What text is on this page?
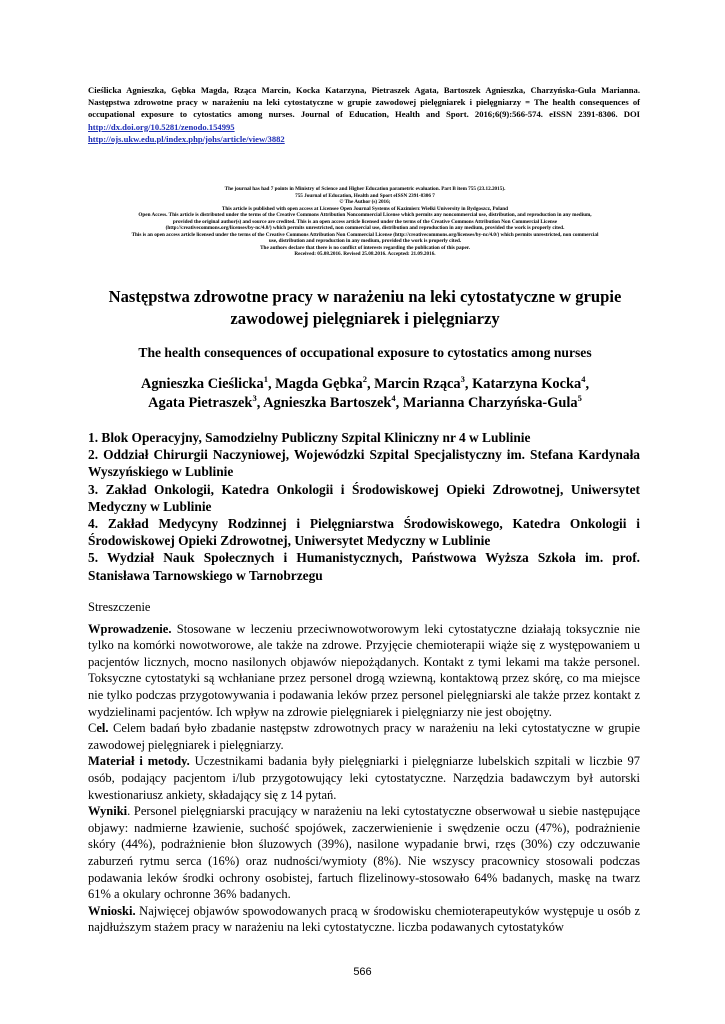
Cieślicka Agnieszka, Gębka Magda, Rząca Marcin, Kocka Katarzyna, Pietraszek Agata, Bartoszek Agnieszka, Charzyńska-Gula Marianna. Następstwa zdrowotne pracy w narażeniu na leki cytostatyczne w grupie zawodowej pielęgniarek i pielęgniarzy = The health consequences of occupational exposure to cytostatics among nurses. Journal of Education, Health and Sport. 2016;6(9):566-574. eISSN 2391-8306. DOI http://dx.doi.org/10.5281/zenodo.154995
http://ojs.ukw.edu.pl/index.php/johs/article/view/3882
The journal has had 7 points in Ministry of Science and Higher Education parametric evaluation. Part B item 755 (23.12.2015).
755 Journal of Education, Health and Sport eISSN 2391-8306 7
© The Author (s) 2016;
This article is published with open access at Licensee Open Journal Systems of Kazimierz Wielki University in Bydgoszcz, Poland
Open Access. This article is distributed under the terms of the Creative Commons Attribution Noncommercial License which permits any noncommercial use, distribution, and reproduction in any medium,
provided the original author(s) and source are credited. This is an open access article licensed under the terms of the Creative Commons Attribution Non Commercial License
(http://creativecommons.org/licenses/by-nc/4.0/) which permits unrestricted, non commercial use, distribution and reproduction in any medium, provided the work is properly cited.
This is an open access article licensed under the terms of the Creative Commons Attribution Non Commercial License (http://creativecommons.org/licenses/by-nc/4.0/) which permits unrestricted, non commercial
use, distribution and reproduction in any medium, provided the work is properly cited.
The authors declare that there is no conflict of interests regarding the publication of this paper.
Received: 05.08.2016. Revised 25.08.2016. Accepted: 21.09.2016.
Następstwa zdrowotne pracy w narażeniu na leki cytostatyczne w grupie zawodowej pielęgniarek i pielęgniarzy
The health consequences of occupational exposure to cytostatics among nurses
Agnieszka Cieślicka$^1$, Magda Gębka$^2$, Marcin Rząca$^3$, Katarzyna Kocka$^4$,
Agata Pietraszek$^3$, Agnieszka Bartoszek$^4$, Marianna Charzyńska-Gula$^5$
1. Blok Operacyjny, Samodzielny Publiczny Szpital Kliniczny nr 4 w Lublinie
2. Oddział Chirurgii Naczyniowej, Wojewódzki Szpital Specjalistyczny im. Stefana Kardynała Wyszyńskiego w Lublinie
3. Zakład Onkologii, Katedra Onkologii i Środowiskowej Opieki Zdrowotnej, Uniwersytet Medyczny w Lublinie
4. Zakład Medycyny Rodzinnej i Pielęgniarstwa Środowiskowego, Katedra Onkologii i Środowiskowej Opieki Zdrowotnej, Uniwersytet Medyczny w Lublinie
5. Wydział Nauk Społecznych i Humanistycznych, Państwowa Wyższa Szkoła im. prof. Stanisława Tarnowskiego w Tarnobrzegu
Streszczenie

Wprowadzenie. Stosowane w leczeniu przeciwnowotworowym leki cytostatyczne działają toksycznie nie tylko na komórki nowotworowe, ale także na zdrowe. Przyjęcie chemioterapii wiąże się z występowaniem u pacjentów licznych, mocno nasilonych objawów niepożądanych. Kontakt z tymi lekami ma także personel. Toksyczne cytostatyki są wchłaniane przez personel drogą wziewną, kontaktową przez skórę, co ma miejsce nie tylko podczas przygotowywania i podawania leków przez personel pielęgniarski ale także przez kontakt z wydzielinami pacjentów. Ich wpływ na zdrowie pielęgniarek i pielęgniarzy nie jest obojętny.

Cel. Celem badań było zbadanie następstw zdrowotnych pracy w narażeniu na leki cytostatyczne w grupie zawodowej pielęgniarek i pielęgniarzy.

Materiał i metody. Uczestnikami badania były pielęgniarki i pielęgniarze lubelskich szpitali w liczbie 97 osób, podający pacjentom i/lub przygotowujący leki cytostatyczne. Narzędzia badawczym był autorski kwestionariusz ankiety, składający się z 14 pytań.

Wyniki. Personel pielęgniarski pracujący w narażeniu na leki cytostatyczne obserwował u siebie następujące objawy: nadmierne łzawienie, suchość spojówek, zaczerwienienie i swędzenie oczu (47%), podrażnienie skóry (44%), podrażnienie błon śluzowych (39%), nasilone wypadanie brwi, rzęs (30%) czy odczuwanie zaburzeń rytmu serca (16%) oraz nudności/wymioty (8%). Nie wszyscy pracownicy stosowali podczas podawania leków środki ochrony osobistej, fartuch flizelinowy-stosowało 64% badanych, maskę na twarz 61% a okulary ochronne 36% badanych.

Wnioski. Najwięcej objawów spowodowanych pracą w środowisku chemioterapeutyków występuje u osób z najdłuższym stażem pracy w narażeniu na leki cytostatyczne. liczba podawanych cytostatyków

566
